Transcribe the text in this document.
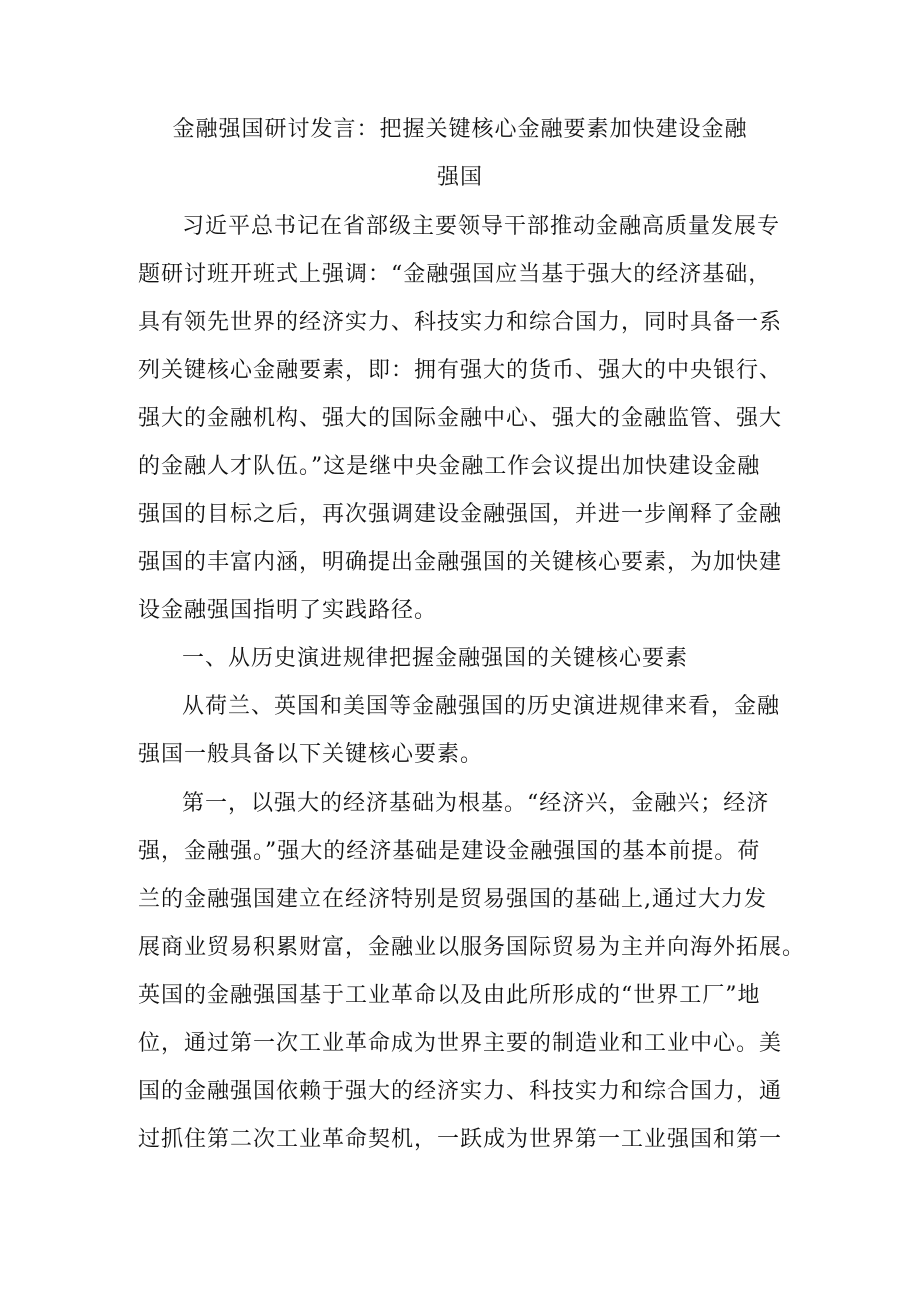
金融强国研讨发言：把握关键核心金融要素加快建设金融
强国
习近平总书记在省部级主要领导干部推动金融高质量发展专
题研讨班开班式上强调：“金融强国应当基于强大的经济基础，
具有领先世界的经济实力、科技实力和综合国力，同时具备一系
列关键核心金融要素，即：拥有强大的货币、强大的中央银行、
强大的金融机构、强大的国际金融中心、强大的金融监管、强大
的金融人才队伍。”这是继中央金融工作会议提出加快建设金融
强国的目标之后，再次强调建设金融强国，并进一步阐释了金融
强国的丰富内涵，明确提出金融强国的关键核心要素，为加快建
设金融强国指明了实践路径。
一、从历史演进规律把握金融强国的关键核心要素
从荷兰、英国和美国等金融强国的历史演进规律来看，金融
强国一般具备以下关键核心要素。
第一，以强大的经济基础为根基。“经济兴，金融兴；经济
强，金融强。”强大的经济基础是建设金融强国的基本前提。荷
兰的金融强国建立在经济特别是贸易强国的基础上,通过大力发
展商业贸易积累财富，金融业以服务国际贸易为主并向海外拓展。
英国的金融强国基于工业革命以及由此所形成的“世界工厂”地
位，通过第一次工业革命成为世界主要的制造业和工业中心。美
国的金融强国依赖于强大的经济实力、科技实力和综合国力，通
过抓住第二次工业革命契机，一跃成为世界第一工业强国和第一
